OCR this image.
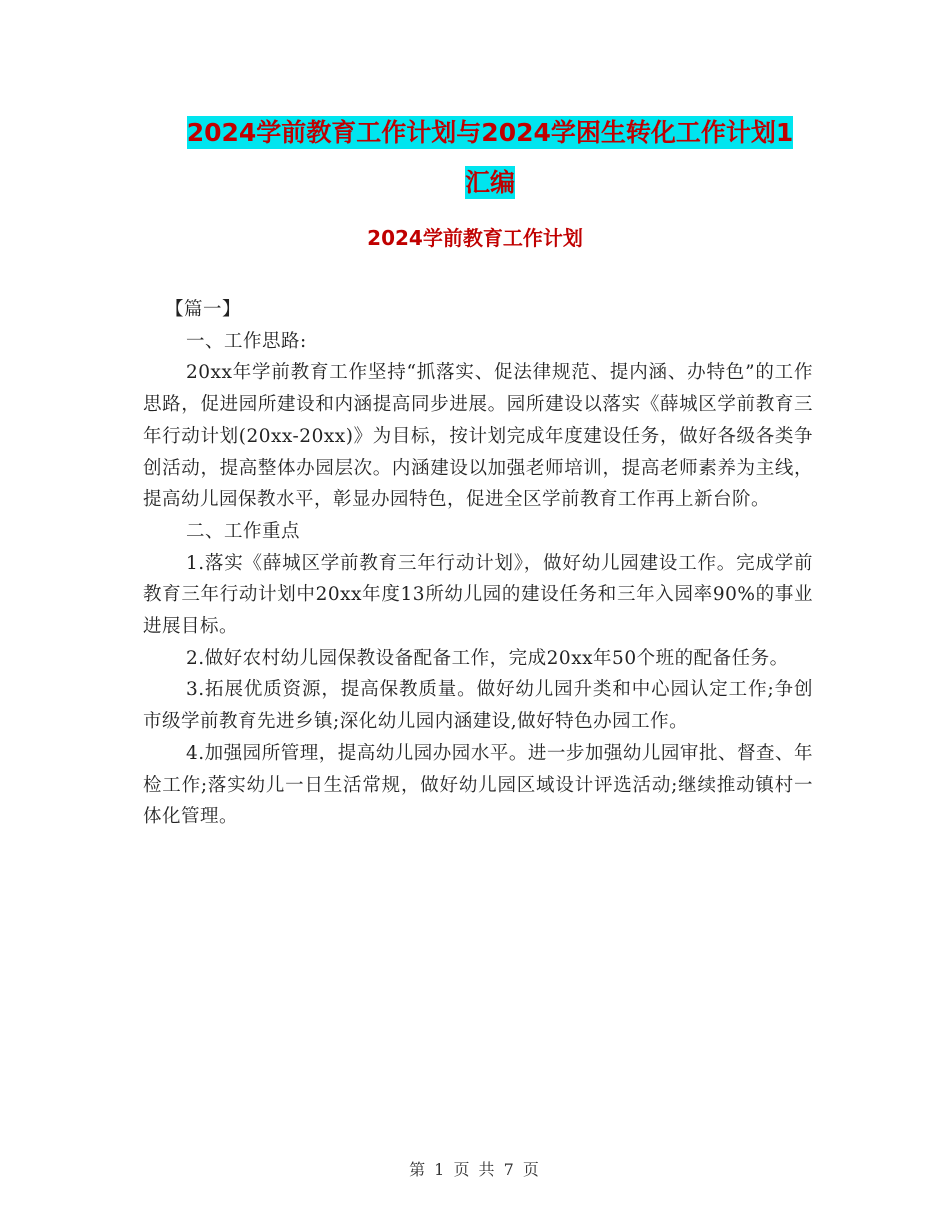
2024学前教育工作计划与2024学困生转化工作计划1
汇编
2024学前教育工作计划

【篇一】

一、工作思路:

20xx年学前教育工作坚持“抓落实、促法律规范、提内涵、办特色”的工作思路，促进园所建设和内涵提高同步进展。园所建设以落实《薛城区学前教育三年行动计划(20xx-20xx)》为目标，按计划完成年度建设任务，做好各级各类争创活动，提高整体办园层次。内涵建设以加强老师培训，提高老师素养为主线，提高幼儿园保教水平，彰显办园特色，促进全区学前教育工作再上新台阶。

二、工作重点

1.落实《薛城区学前教育三年行动计划》，做好幼儿园建设工作。完成学前教育三年行动计划中20xx年度13所幼儿园的建设任务和三年入园率90%的事业进展目标。

2.做好农村幼儿园保教设备配备工作，完成20xx年50个班的配备任务。

3.拓展优质资源，提高保教质量。做好幼儿园升类和中心园认定工作;争创市级学前教育先进乡镇;深化幼儿园内涵建设,做好特色办园工作。

4.加强园所管理，提高幼儿园办园水平。进一步加强幼儿园审批、督查、年检工作;落实幼儿一日生活常规，做好幼儿园区域设计评选活动;继续推动镇村一体化管理。

第 1 页 共 7 页
